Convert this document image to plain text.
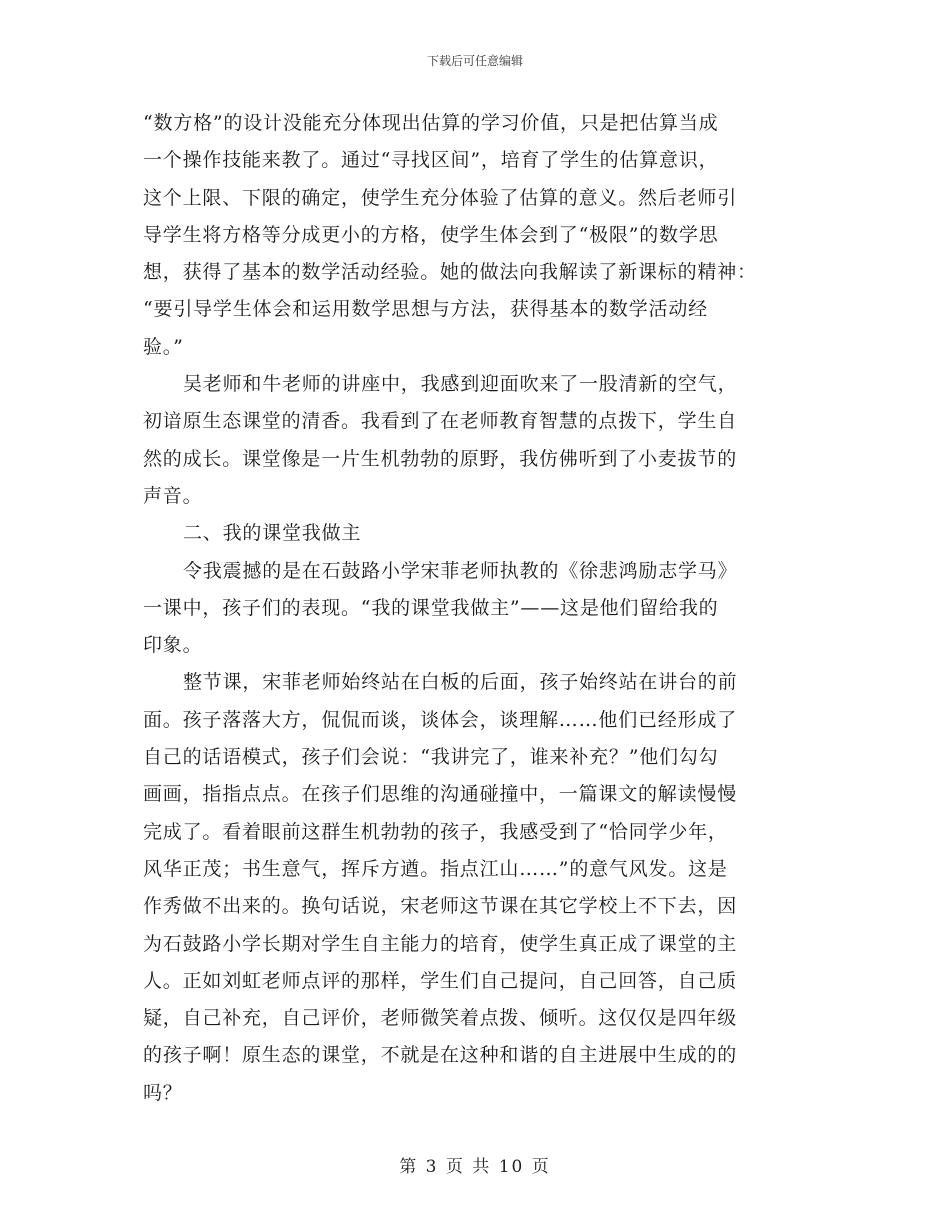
下载后可任意编辑
“数方格”的设计没能充分体现出估算的学习价值，只是把估算当成
一个操作技能来教了。通过“寻找区间”，培育了学生的估算意识，
这个上限、下限的确定，使学生充分体验了估算的意义。然后老师引
导学生将方格等分成更小的方格，使学生体会到了“极限”的数学思
想，获得了基本的数学活动经验。她的做法向我解读了新课标的精神：
“要引导学生体会和运用数学思想与方法，获得基本的数学活动经
验。”
吴老师和牛老师的讲座中，我感到迎面吹来了一股清新的空气，
初谙原生态课堂的清香。我看到了在老师教育智慧的点拨下，学生自
然的成长。课堂像是一片生机勃勃的原野，我仿佛听到了小麦拔节的
声音。
二、我的课堂我做主
令我震撼的是在石鼓路小学宋菲老师执教的《徐悲鸿励志学马》
一课中，孩子们的表现。“我的课堂我做主”——这是他们留给我的
印象。
整节课，宋菲老师始终站在白板的后面，孩子始终站在讲台的前
面。孩子落落大方，侃侃而谈，谈体会，谈理解……他们已经形成了
自己的话语模式，孩子们会说：“我讲完了，谁来补充？”他们勾勾
画画，指指点点。在孩子们思维的沟通碰撞中，一篇课文的解读慢慢
完成了。看着眼前这群生机勃勃的孩子，我感受到了“恰同学少年，
风华正茂；书生意气，挥斥方遒。指点江山……”的意气风发。这是
作秀做不出来的。换句话说，宋老师这节课在其它学校上不下去，因
为石鼓路小学长期对学生自主能力的培育，使学生真正成了课堂的主
人。正如刘虹老师点评的那样，学生们自己提问，自己回答，自己质
疑，自己补充，自己评价，老师微笑着点拨、倾听。这仅仅是四年级
的孩子啊！原生态的课堂，不就是在这种和谐的自主进展中生成的的
吗？
第 3 页 共 10 页
